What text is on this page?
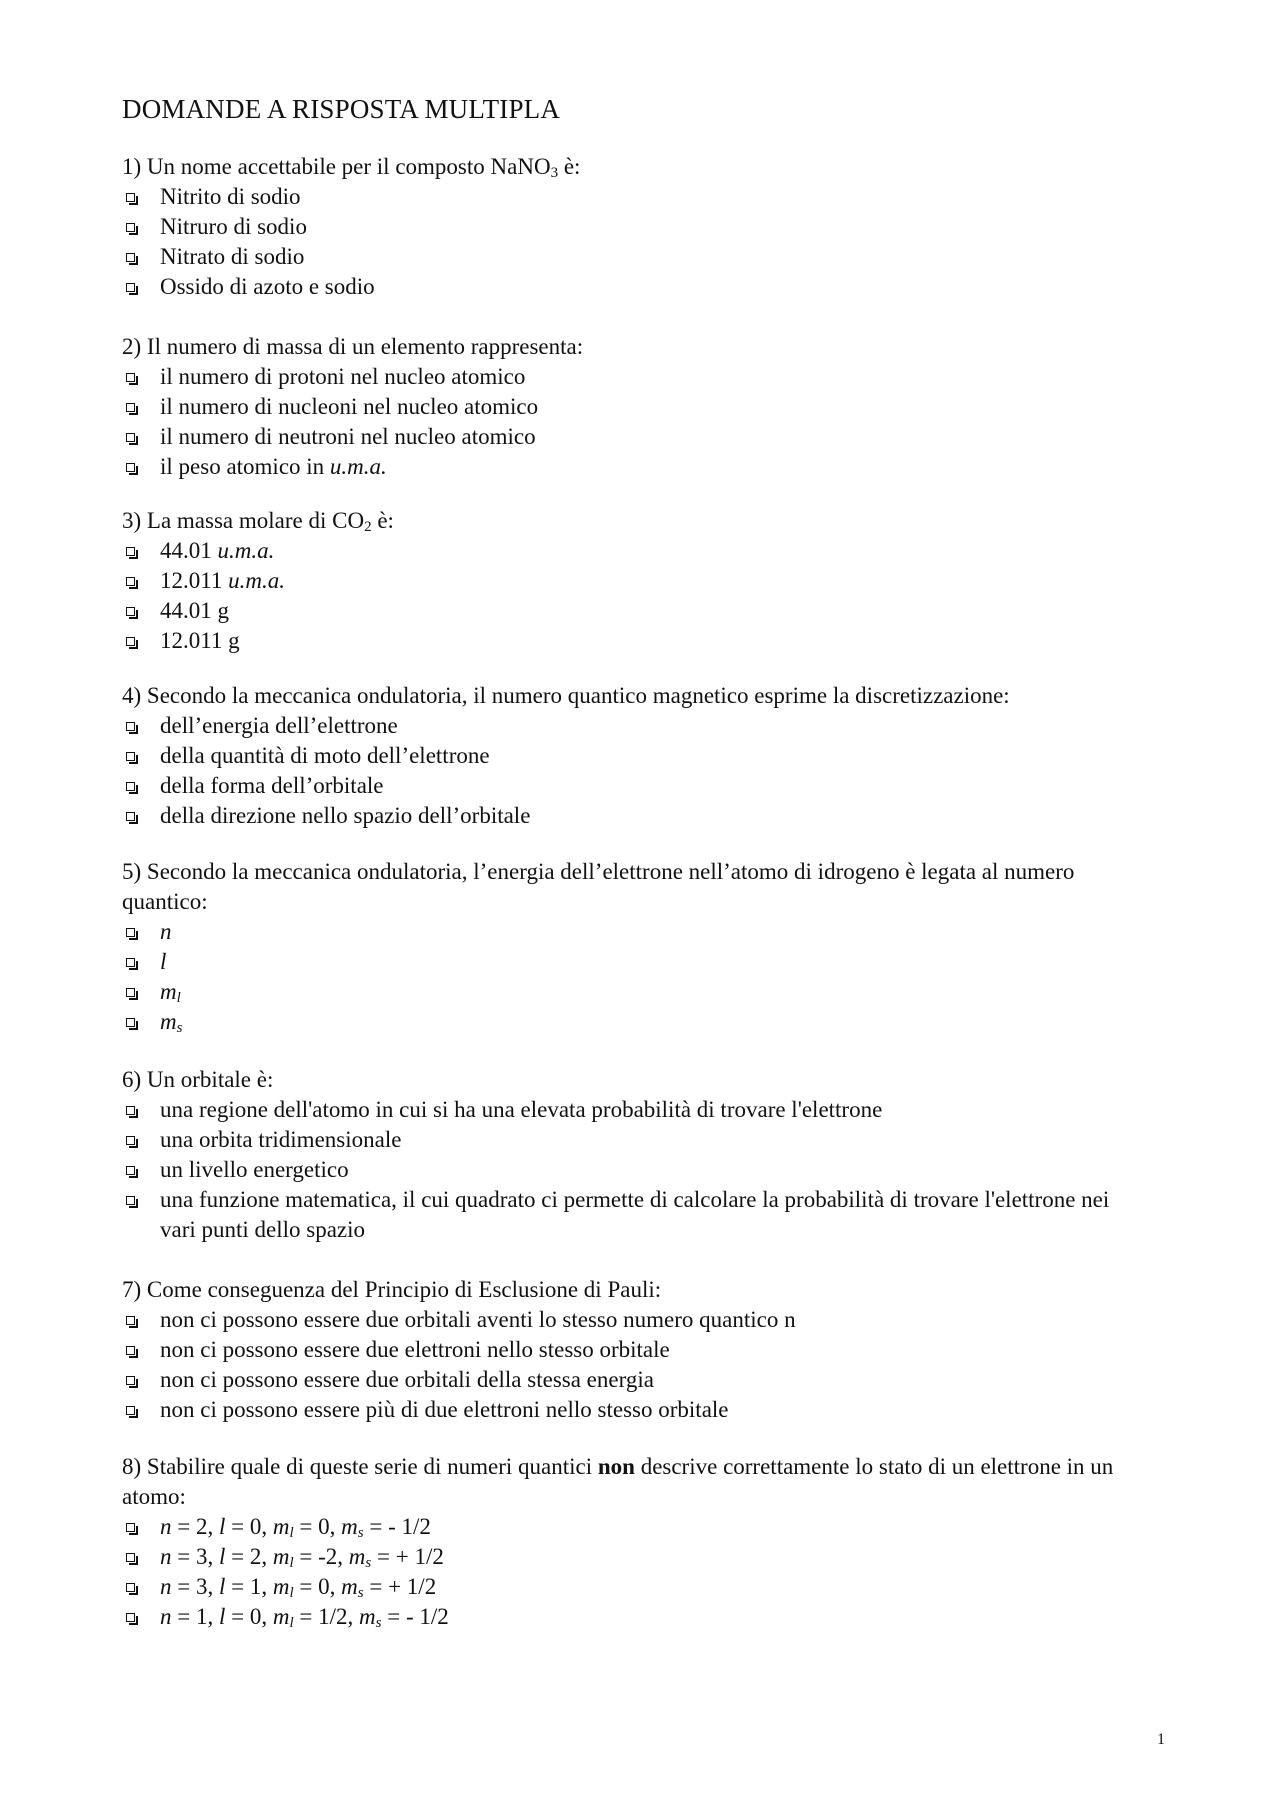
DOMANDE A RISPOSTA MULTIPLA

1) Un nome accettabile per il composto NaNO$_3$ è:

Nitrito di sodio
Nitruro di sodio
Nitrato di sodio
Ossido di azoto e sodio

2) Il numero di massa di un elemento rappresenta:

il numero di protoni nel nucleo atomico
il numero di nucleoni nel nucleo atomico
il numero di neutroni nel nucleo atomico
il peso atomico in u.m.a.

3) La massa molare di $CO_2$ è:

44.01 u.m.a.
12.011 u.m.a.
44.01 g
12.011 g

4) Secondo la meccanica ondulatoria, il numero quantico magnetico esprime la discretizzazione:

dell’energia dell’elettrone
della quantità di moto dell’elettrone
della forma dell’orbitale
della direzione nello spazio dell’orbitale

5) Secondo la meccanica ondulatoria, l’energia dell’elettrone nell’atomo di idrogeno è legata al numero quantico:

n
l
$m_l$
$m_s$

6) Un orbitale è:

una regione dell'atomo in cui si ha una elevata probabilità di trovare l'elettrone
una orbita tridimensionale
un livello energetico
una funzione matematica, il cui quadrato ci permette di calcolare la probabilità di trovare l'elettrone nei vari punti dello spazio

7) Come conseguenza del Principio di Esclusione di Pauli:

non ci possono essere due orbitali aventi lo stesso numero quantico n
non ci possono essere due elettroni nello stesso orbitale
non ci possono essere due orbitali della stessa energia
non ci possono essere più di due elettroni nello stesso orbitale

8) Stabilire quale di queste serie di numeri quantici non descrive correttamente lo stato di un elettrone in un atomo:

n = 2, l = 0, $m_l = 0$, $m_s$ = - 1/2
n = 3, l = 2, $m_l = -2$, $m_s$ = + 1/2
n = 3, l = 1, $m_l = 0$, $m_s$ = + 1/2
n = 1, l = 0, $m_l = 1/2$, $m_s$ = - 1/2
1
